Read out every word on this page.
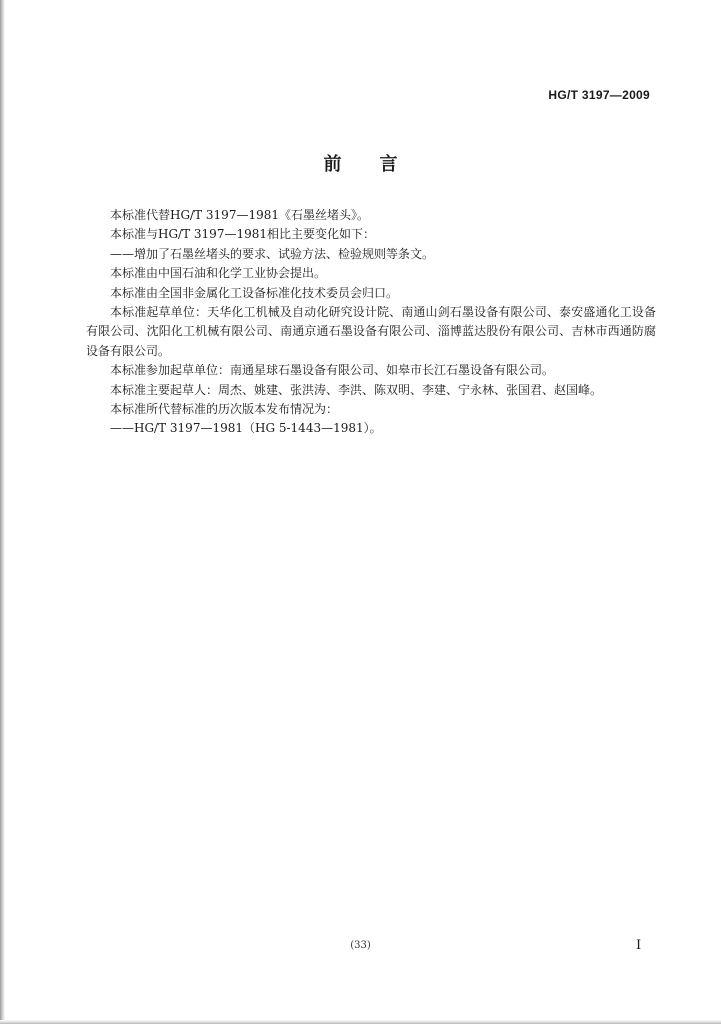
HG/T 3197—2009
前言

本标准代替HG/T 3197—1981《石墨丝堵头》。

本标准与HG/T 3197—1981相比主要变化如下：

——增加了石墨丝堵头的要求、试验方法、检验规则等条文。

本标准由中国石油和化学工业协会提出。

本标准由全国非金属化工设备标准化技术委员会归口。

本标准起草单位：天华化工机械及自动化研究设计院、南通山剑石墨设备有限公司、泰安盛通化工设备有限公司、沈阳化工机械有限公司、南通京通石墨设备有限公司、淄博蓝达股份有限公司、吉林市西通防腐设备有限公司。

本标准参加起草单位：南通星球石墨设备有限公司、如皋市长江石墨设备有限公司。

本标准主要起草人：周杰、姚建、张洪涛、李洪、陈双明、李建、宁永林、张国君、赵国峰。

本标准所代替标准的历次版本发布情况为：

——HG/T 3197—1981（HG 5-1443—1981）。

(33)	I
